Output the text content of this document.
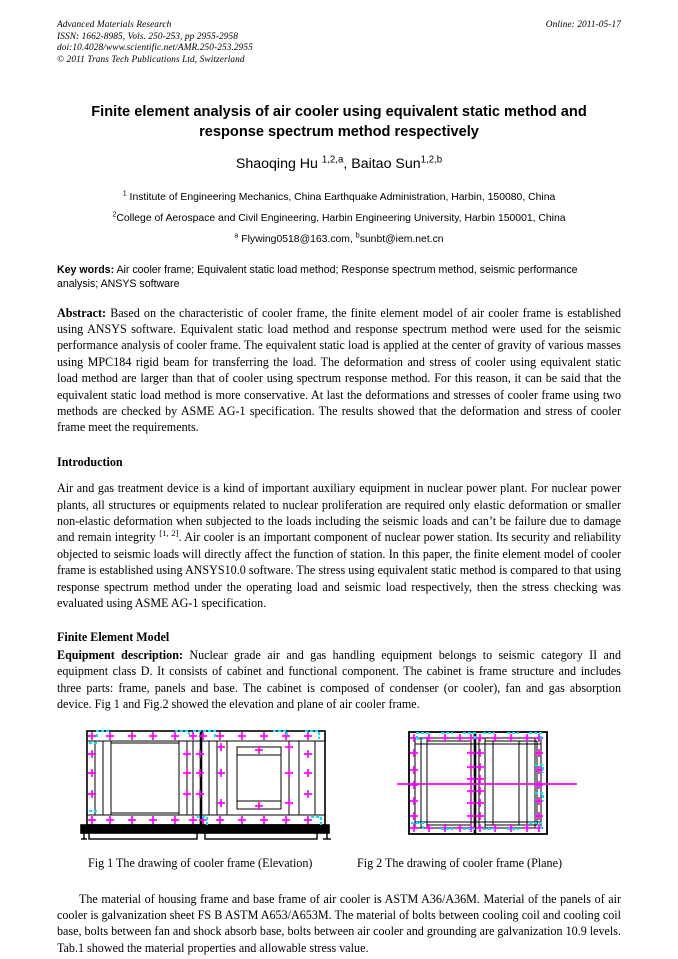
Advanced Materials Research
ISSN: 1662-8985, Vols. 250-253, pp 2955-2958
doi:10.4028/www.scientific.net/AMR.250-253.2955
© 2011 Trans Tech Publications Ltd, Switzerland
Online: 2011-05-17
Finite element analysis of air cooler using equivalent static method and
response spectrum method respectively
Shaoqing Hu $^{1,2,a}$, Baitao Sun$^{1,2,b}$
$^1$ Institute of Engineering Mechanics, China Earthquake Administration, Harbin, 150080, China
$^2$College of Aerospace and Civil Engineering, Harbin Engineering University, Harbin 150001, China
$^a$ Flywing0518@163.com, $^b$sunbt@iem.net.cn
Key words: Air cooler frame; Equivalent static load method; Response spectrum method, seismic performance analysis; ANSYS software
Abstract: Based on the characteristic of cooler frame, the finite element model of air cooler frame is established using ANSYS software. Equivalent static load method and response spectrum method were used for the seismic performance analysis of cooler frame. The equivalent static load is applied at the center of gravity of various masses using MPC184 rigid beam for transferring the load. The deformation and stress of cooler using equivalent static load method are larger than that of cooler using spectrum response method. For this reason, it can be said that the equivalent static load method is more conservative. At last the deformations and stresses of cooler frame using two methods are checked by ASME AG-1 specification. The results showed that the deformation and stress of cooler frame meet the requirements.
Introduction
Air and gas treatment device is a kind of important auxiliary equipment in nuclear power plant. For nuclear power plants, all structures or equipments related to nuclear proliferation are required only elastic deformation or smaller non-elastic deformation when subjected to the loads including the seismic loads and can’t be failure due to damage and remain integrity [1, 2]. Air cooler is an important component of nuclear power station. Its security and reliability objected to seismic loads will directly affect the function of station. In this paper, the finite element model of cooler frame is established using ANSYS10.0 software. The stress using equivalent static method is compared to that using response spectrum method under the operating load and seismic load respectively, then the stress checking was evaluated using ASME AG-1 specification.
Finite Element Model
Equipment description: Nuclear grade air and gas handling equipment belongs to seismic category II and equipment class D. It consists of cabinet and functional component. The cabinet is frame structure and includes three parts: frame, panels and base. The cabinet is composed of condenser (or cooler), fan and gas absorption device. Fig 1 and Fig.2 showed the elevation and plane of air cooler frame.
Fig 1 The drawing of cooler frame (Elevation)	Fig 2 The drawing of cooler frame (Plane)
The material of housing frame and base frame of air cooler is ASTM A36/A36M. Material of the panels of air cooler is galvanization sheet FS B ASTM A653/A653M. The material of bolts between cooling coil and cooling coil base, bolts between fan and shock absorb base, bolts between air cooler and grounding are galvanization 10.9 levels. Tab.1 showed the material properties and allowable stress value.
